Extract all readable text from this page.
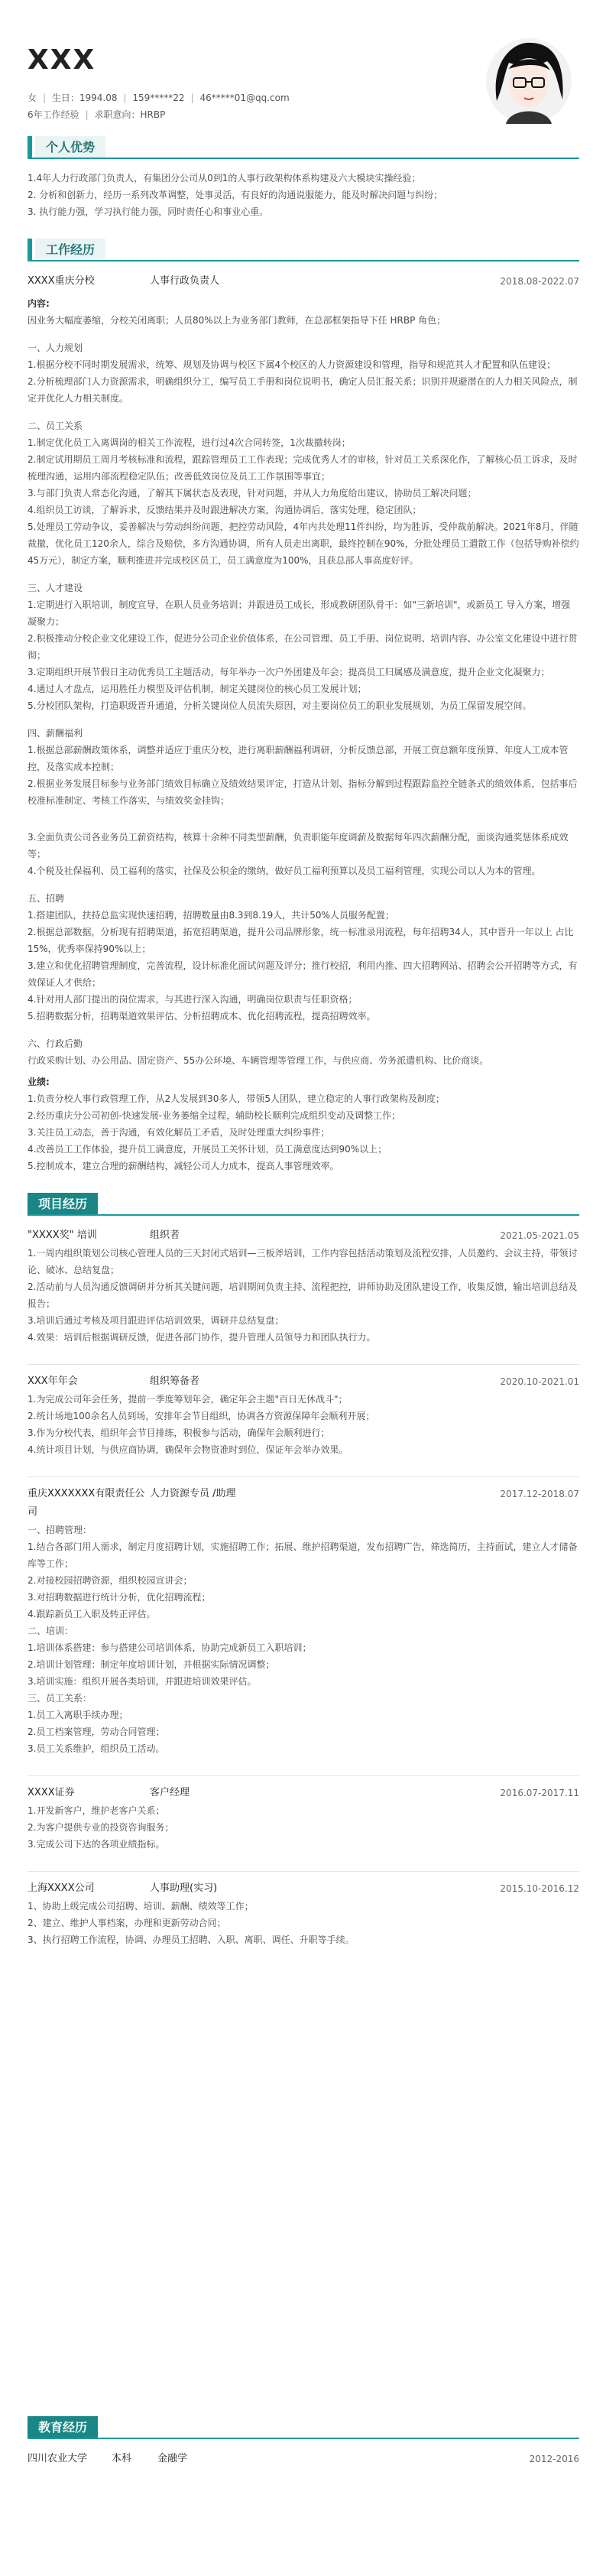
XXX
女 | 生日：1994.08 | 159*****22 | 46*****01@qq.com
6年工作经验 | 求职意向：HRBP
个人优势

1.4年人力行政部门负责人，有集团分公司从0到1的人事行政架构体系构建及六大模块实操经验；

2. 分析和创新力，经历一系列改革调整，处事灵活，有良好的沟通说服能力，能及时解决问题与纠纷；

3. 执行能力强，学习执行能力强，同时责任心和事业心重。

工作经历
XXXX重庆分校	人事行政负责人	2018.08-2022.07
内容:

因业务大幅度萎缩，分校关闭离职；人员80%以上为业务部门教师，在总部框架指导下任 HRBP 角色；

一、人力规划

1.根据分校不同时期发展需求，统筹、规划及协调与校区下属4个校区的人力资源建设和管理，指导和规范其人才配置和队伍建设；

2.分析梳理部门人力资源需求，明确组织分工，编写员工手册和岗位说明书，确定人员汇报关系；识别并规避潜在的人力相关风险点，制定并优化人力相关制度。

二、员工关系

1.制定优化员工入离调岗的相关工作流程，进行过4次合同转签，1次裁撤转岗；

2.制定试用期员工周月考核标准和流程，跟踪管理员工工作表现；完成优秀人才的审核，针对员工关系深化作，了解核心员工诉求，及时梳理沟通，运用内部流程稳定队伍；改善低效岗位及员工工作氛围等事宜；

3.与部门负责人常态化沟通，了解其下属状态及表现，针对问题，并从人力角度给出建议，协助员工解决问题；

4.组织员工访谈，了解诉求，反馈结果并及时跟进解决方案，沟通协调后，落实处理，稳定团队；

5.处理员工劳动争议，妥善解决与劳动纠纷问题，把控劳动风险，4年内共处理11件纠纷，均为胜诉，受仲裁前解决。2021年8月，伴随裁撤，优化员工120余人，综合及赔偿，多方沟通协调，所有人员走出离职，最终控制在90%，分批处理员工遣散工作（包括导购补偿约45万元），制定方案，顺利推进并完成校区员工，员工满意度为100%，且获总部人事高度好评。

三、人才建设

1.定期进行入职培训，制度宣导，在职人员业务培训；并跟进员工成长，形成教研团队骨干：如"三新培训"，或新员工 导入方案，增强凝聚力；

2.积极推动分校企业文化建设工作，促进分公司企业价值体系，在公司管理、员工手册、岗位说明、培训内容、办公室文化建设中进行贯彻；

3.定期组织开展节假日主动优秀员工主题活动，每年举办一次户外团建及年会；提高员工归属感及满意度，提升企业文化凝聚力；

4.通过人才盘点，运用胜任力模型及评估机制，制定关键岗位的核心员工发展计划；

5.分校团队架构，打造职级晋升通道，分析关键岗位人员流失原因，对主要岗位员工的职业发展规划，为员工保留发展空间。

四、薪酬福利

1.根据总部薪酬政策体系，调整并适应于重庆分校，进行离职薪酬福利调研，分析反馈总部，开展工资总额年度预算、年度人工成本管控，及落实成本控制；

2.根据业务发展目标参与业务部门绩效目标确立及绩效结果评定，打造从计划、指标分解到过程跟踪监控全链条式的绩效体系，包括事后校准标准制定、考核工作落实，与绩效奖金挂钩；

3.全面负责公司各业务员工薪资结构，核算十余种不同类型薪酬，负责职能年度调薪及数据每年四次薪酬分配，面谈沟通奖惩体系成效等；

4.个税及社保福利、员工福利的落实，社保及公积金的缴纳，做好员工福利预算以及员工福利管理，实现公司以人为本的管理。

五、招聘

1.搭建团队，扶持总监实现快速招聘，招聘数量由8.3到8.19人，共计50%人员服务配置；

2.根据总部数据，分析现有招聘渠道，拓宽招聘渠道，提升公司品牌形象，统一标准录用流程，每年招聘34人，其中晋升一年以上 占比15%，优秀率保持90%以上；

3.建立和优化招聘管理制度，完善流程，设计标准化面试问题及评分；推行校招，利用内推、四大招聘网站、招聘会公开招聘等方式，有效保证人才供给；

4.针对用人部门提出的岗位需求，与其进行深入沟通，明确岗位职责与任职资格；

5.招聘数据分析，招聘渠道效果评估、分析招聘成本、优化招聘流程，提高招聘效率。

六、行政后勤

行政采购计划、办公用品、固定资产、55办公环境、车辆管理等管理工作，与供应商、劳务派遣机构、比价商谈。

业绩:

1.负责分校人事行政管理工作，从2人发展到30多人，带领5人团队，建立稳定的人事行政架构及制度；

2.经历重庆分公司初创-快速发展-业务萎缩全过程，辅助校长顺利完成组织变动及调整工作；

3.关注员工动态，善于沟通，有效化解员工矛盾，及时处理重大纠纷事件；

4.改善员工工作体验，提升员工满意度，开展员工关怀计划，员工满意度达到90%以上；

5.控制成本，建立合理的薪酬结构，减轻公司人力成本，提高人事管理效率。

项目经历
"XXXX奖" 培训	组织者	2021.05-2021.05

1.一周内组织策划公司核心管理人员的三天封闭式培训—三板斧培训，工作内容包括活动策划及流程安排，人员邀约、会议主持，带领讨论、破冰、总结复盘；

2.活动前与人员沟通反馈调研并分析其关键问题，培训期间负责主持、流程把控，讲师协助及团队建设工作，收集反馈，输出培训总结及报告；

3.培训后通过考核及项目跟进评估培训效果，调研并总结复盘；

4.效果：培训后根据调研反馈，促进各部门协作，提升管理人员领导力和团队执行力。

XXX年年会	组织筹备者	2020.10-2021.01

1.为完成公司年会任务，提前一季度筹划年会，确定年会主题"百日无休战斗"；

2.统计场地100余名人员到场，安排年会节目组织，协调各方资源保障年会顺利开展；

3.作为分校代表，组织年会节目排练，积极参与活动，确保年会顺利进行；

4.统计项目计划，与供应商协调，确保年会物资准时到位，保证年会举办效果。

重庆XXXXXXX有限责任公司
人力资源专员 /助理	2017.12-2018.07
一、招聘管理：

1.结合各部门用人需求，制定月度招聘计划，实施招聘工作；拓展、维护招聘渠道，发布招聘广告，筛选简历，主持面试，建立人才储备库等工作；

2.对接校园招聘资源，组织校园宣讲会；

3.对招聘数据进行统计分析，优化招聘流程；

4.跟踪新员工入职及转正评估。

二、培训：

1.培训体系搭建：参与搭建公司培训体系，协助完成新员工入职培训；

2.培训计划管理：制定年度培训计划，并根据实际情况调整；

3.培训实施：组织开展各类培训，并跟进培训效果评估。

三、员工关系：

1.员工入离职手续办理；

2.员工档案管理，劳动合同管理；

3.员工关系维护，组织员工活动。

XXXX证券	客户经理	2016.07-2017.11

1.开发新客户，维护老客户关系；

2.为客户提供专业的投资咨询服务；

3.完成公司下达的各项业绩指标。

上海XXXX公司	人事助理(实习)	2015.10-2016.12

1、协助上级完成公司招聘、培训、薪酬、绩效等工作；

2、建立、维护人事档案，办理和更新劳动合同；

3、执行招聘工作流程，协调、办理员工招聘、入职、离职、调任、升职等手续。

教育经历
四川农业大学	本科	金融学	2012-2016
